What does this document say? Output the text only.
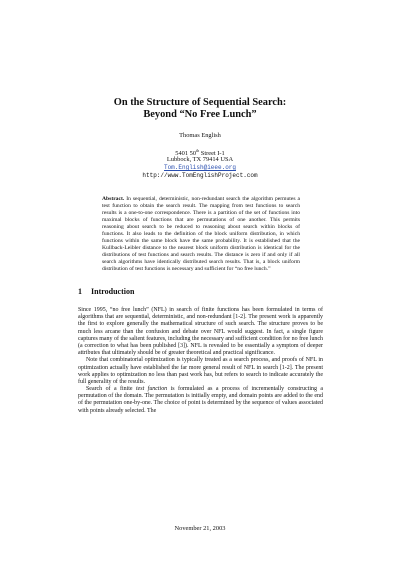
On the Structure of Sequential Search:
Beyond “No Free Lunch”
Thomas English
5401 50th Street I-1
Lubbock, TX 79414 USA
Tom.English@ieee.org
http://www.TomEnglishProject.com
Abstract. In sequential, deterministic, non-redundant search the algorithm permutes a test function to obtain the search result. The mapping from test functions to search results is a one-to-one correspondence. There is a partition of the set of functions into maximal blocks of functions that are permutations of one another. This permits reasoning about search to be reduced to reasoning about search within blocks of functions. It also leads to the definition of the block uniform distribution, in which functions within the same block have the same probability. It is established that the Kullback-Leibler distance to the nearest block uniform distribution is identical for the distributions of test functions and search results. The distance is zero if and only if all search algorithms have identically distributed search results. That is, a block uniform distribution of test functions is necessary and sufficient for “no free lunch.”
1 Introduction

Since 1995, “no free lunch” (NFL) in search of finite functions has been formulated in terms of algorithms that are sequential, deterministic, and non-redundant [1-2]. The present work is apparently the first to explore generally the mathematical structure of such search. The structure proves to be much less arcane than the confusion and debate over NFL would suggest. In fact, a single figure captures many of the salient features, including the necessary and sufficient condition for no free lunch (a correction to what has been published [3]). NFL is revealed to be essentially a symptom of deeper attributes that ultimately should be of greater theoretical and practical significance.

Note that combinatorial optimization is typically treated as a search process, and proofs of NFL in optimization actually have established the far more general result of NFL in search [1-2]. The present work applies to optimization no less than past work has, but refers to search to indicate accurately the full generality of the results.

Search of a finite test function is formulated as a process of incrementally constructing a permutation of the domain. The permutation is initially empty, and domain points are added to the end of the permutation one-by-one. The choice of point is determined by the sequence of values associated with points already selected. The

November 21, 2003
